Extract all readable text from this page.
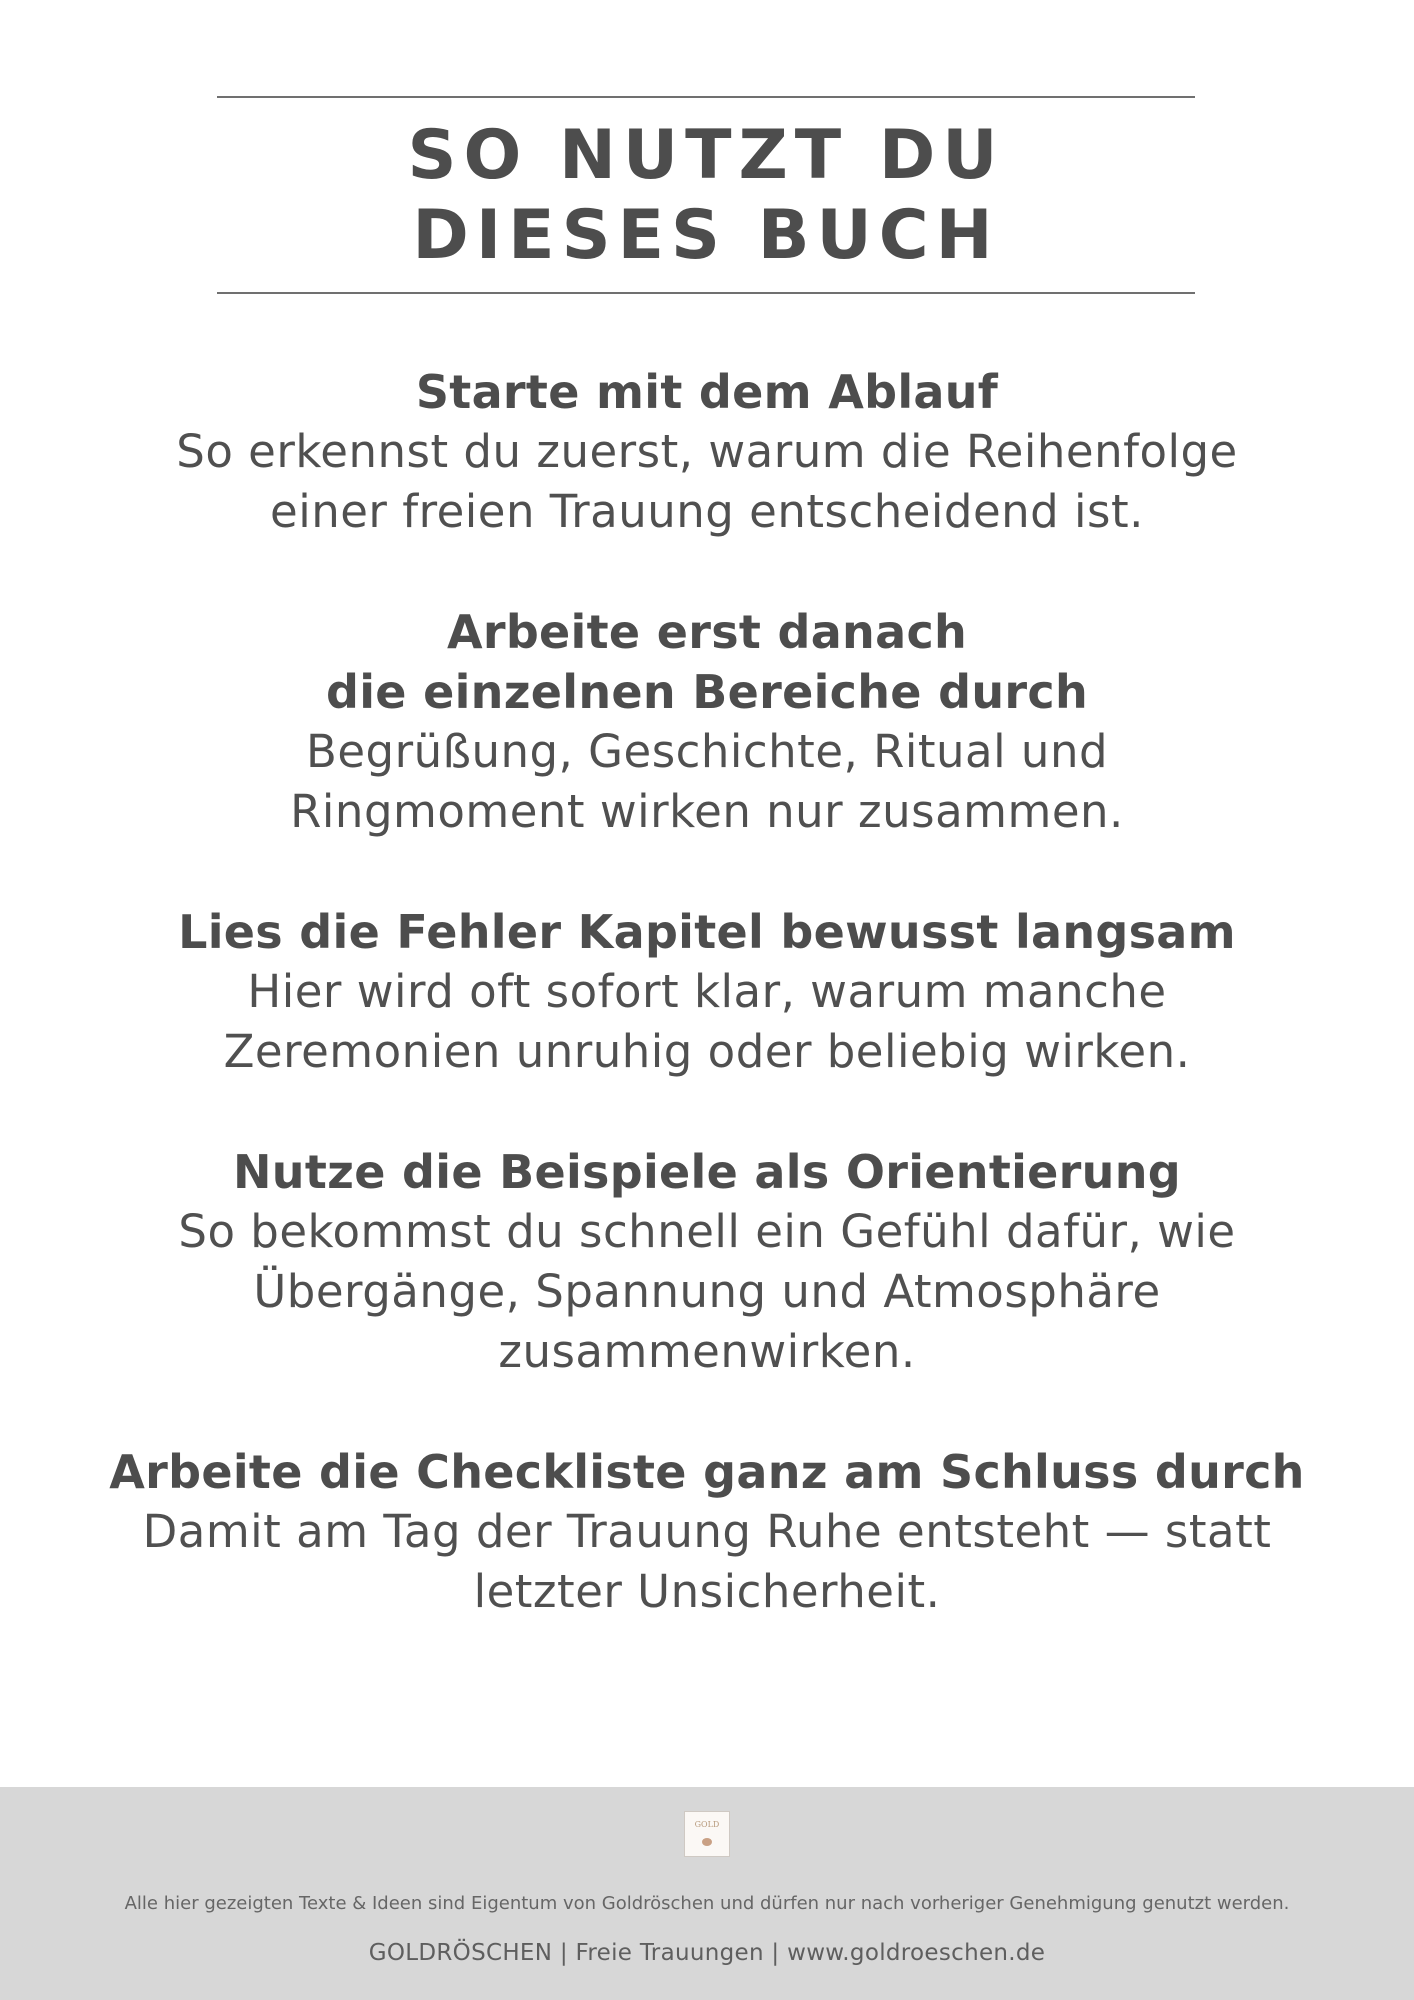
SO NUTZT DU
DIESES BUCH
Starte mit dem Ablauf
So erkennst du zuerst, warum die Reihenfolge
einer freien Trauung entscheidend ist.
Arbeite erst danach
die einzelnen Bereiche durch
Begrüßung, Geschichte, Ritual und
Ringmoment wirken nur zusammen.
Lies die Fehler Kapitel bewusst langsam
Hier wird oft sofort klar, warum manche
Zeremonien unruhig oder beliebig wirken.
Nutze die Beispiele als Orientierung
So bekommst du schnell ein Gefühl dafür, wie
Übergänge, Spannung und Atmosphäre
zusammenwirken.
Arbeite die Checkliste ganz am Schluss durch
Damit am Tag der Trauung Ruhe entsteht — statt
letzter Unsicherheit.
GOLD
Alle hier gezeigten Texte & Ideen sind Eigentum von Goldröschen und dürfen nur nach vorheriger Genehmigung genutzt werden.
GOLDRÖSCHEN | Freie Trauungen | www.goldroeschen.de
